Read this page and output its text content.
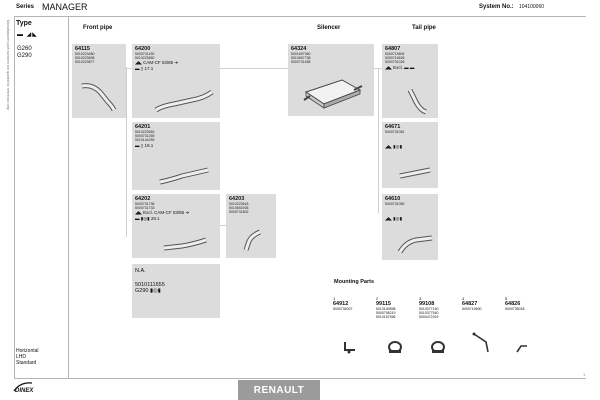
Manufacturers part numbers are quoted for reference only
Series MANAGER	System No.: 104100060
Type
▬ ◢◣
G260
G290
Front pipe	Silencer	Tail pipe
64115
5010223480
5010223695
5010223877
64200
5000731492
5010223650
◢◣ CAM-CF 03/85 ➜
▬ ▯ 17.1
64201
5010223653
5000731265
5010144259
▬ ▯ 19.1
64202
5000731796
5000731733
◢◣ Excl. CAM-CF 03/85 ➜
▬ ▮◎▮ 28.1
64203
5010223618
5010692405
5000731802
N.A.
5010111655
G290 ▮◎▮
64324
5001697360
5010657738
5000731458
64807
5000719604
5000719626
5000731026
◢◣ Excl. ▬ ▬
64671
5000731081
◢◣ ▮◎▮
64610
5000731080
◢◣ ▮◎▮
Mounting Parts
1
64912
5000734007
2
99115
5010140898
5000798219
5010157596
3
99108
5010377140
5010377540
5000472319
4
64827
5000719600
5
64826
5000735018
Horizontal
LHD
Standard
DINEX	RENAULT
1
